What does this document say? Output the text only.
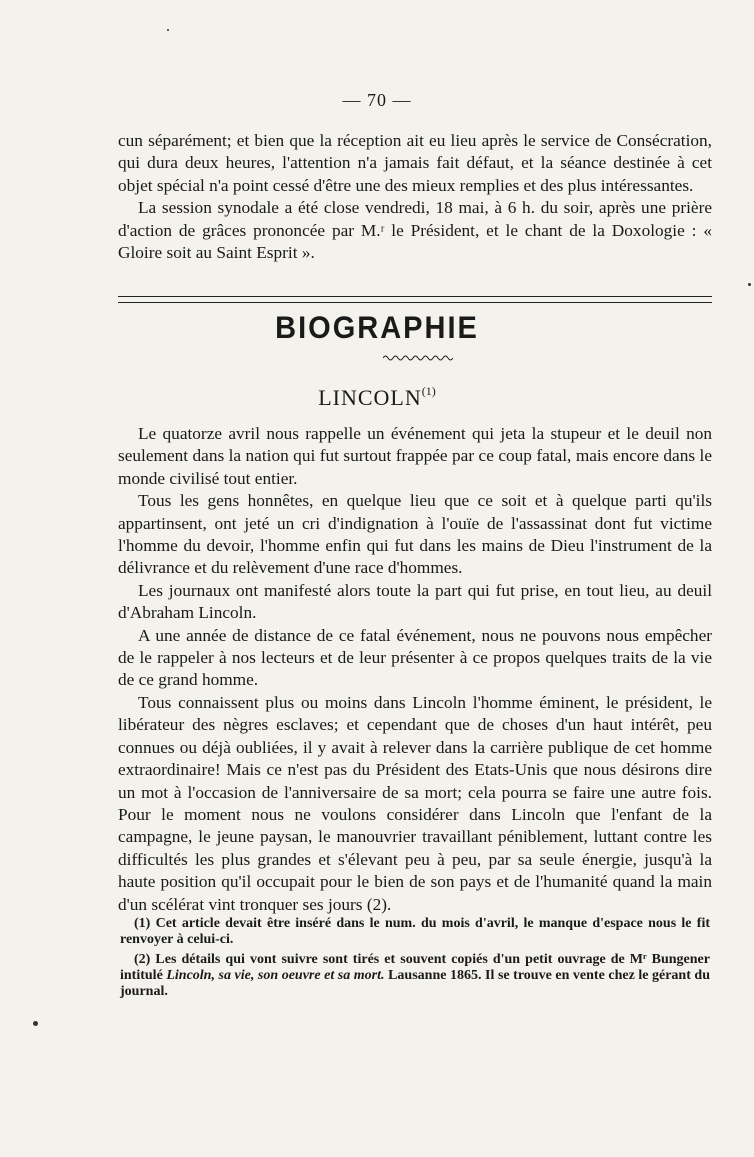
— 70 —

cun séparément; et bien que la réception ait eu lieu après le service de Consécration, qui dura deux heures, l'attention n'a jamais fait défaut, et la séance destinée à cet objet spécial n'a point cessé d'être une des mieux remplies et des plus intéressantes.

La session synodale a été close vendredi, 18 mai, à 6 h. du soir, après une prière d'action de grâces prononcée par M.ʳ le Président, et le chant de la Doxologie : « Gloire soit au Saint Esprit ».

BIOGRAPHIE
LINCOLN$^{(1)}$

Le quatorze avril nous rappelle un événement qui jeta la stupeur et le deuil non seulement dans la nation qui fut surtout frappée par ce coup fatal, mais encore dans le monde civilisé tout entier.

Tous les gens honnêtes, en quelque lieu que ce soit et à quelque parti qu'ils appartinsent, ont jeté un cri d'indignation à l'ouïe de l'assassinat dont fut victime l'homme du devoir, l'homme enfin qui fut dans les mains de Dieu l'instrument de la délivrance et du relèvement d'une race d'hommes.

Les journaux ont manifesté alors toute la part qui fut prise, en tout lieu, au deuil d'Abraham Lincoln.

A une année de distance de ce fatal événement, nous ne pouvons nous empêcher de le rappeler à nos lecteurs et de leur présenter à ce propos quelques traits de la vie de ce grand homme.

Tous connaissent plus ou moins dans Lincoln l'homme éminent, le président, le libérateur des nègres esclaves; et cependant que de choses d'un haut intérêt, peu connues ou déjà oubliées, il y avait à relever dans la carrière publique de cet homme extraordinaire! Mais ce n'est pas du Président des Etats-Unis que nous désirons dire un mot à l'occasion de l'anniversaire de sa mort; cela pourra se faire une autre fois. Pour le moment nous ne voulons considérer dans Lincoln que l'enfant de la campagne, le jeune paysan, le manouvrier travaillant péniblement, luttant contre les difficultés les plus grandes et s'élevant peu à peu, par sa seule énergie, jusqu'à la haute position qu'il occupait pour le bien de son pays et de l'humanité quand la main d'un scélérat vint tronquer ses jours (2).

(1) Cet article devait être inséré dans le num. du mois d'avril, le manque d'espace nous le fit renvoyer à celui-ci.

(2) Les détails qui vont suivre sont tirés et souvent copiés d'un petit ouvrage de Mʳ Bungener intitulé Lincoln, sa vie, son oeuvre et sa mort. Lausanne 1865. Il se trouve en vente chez le gérant du journal.
